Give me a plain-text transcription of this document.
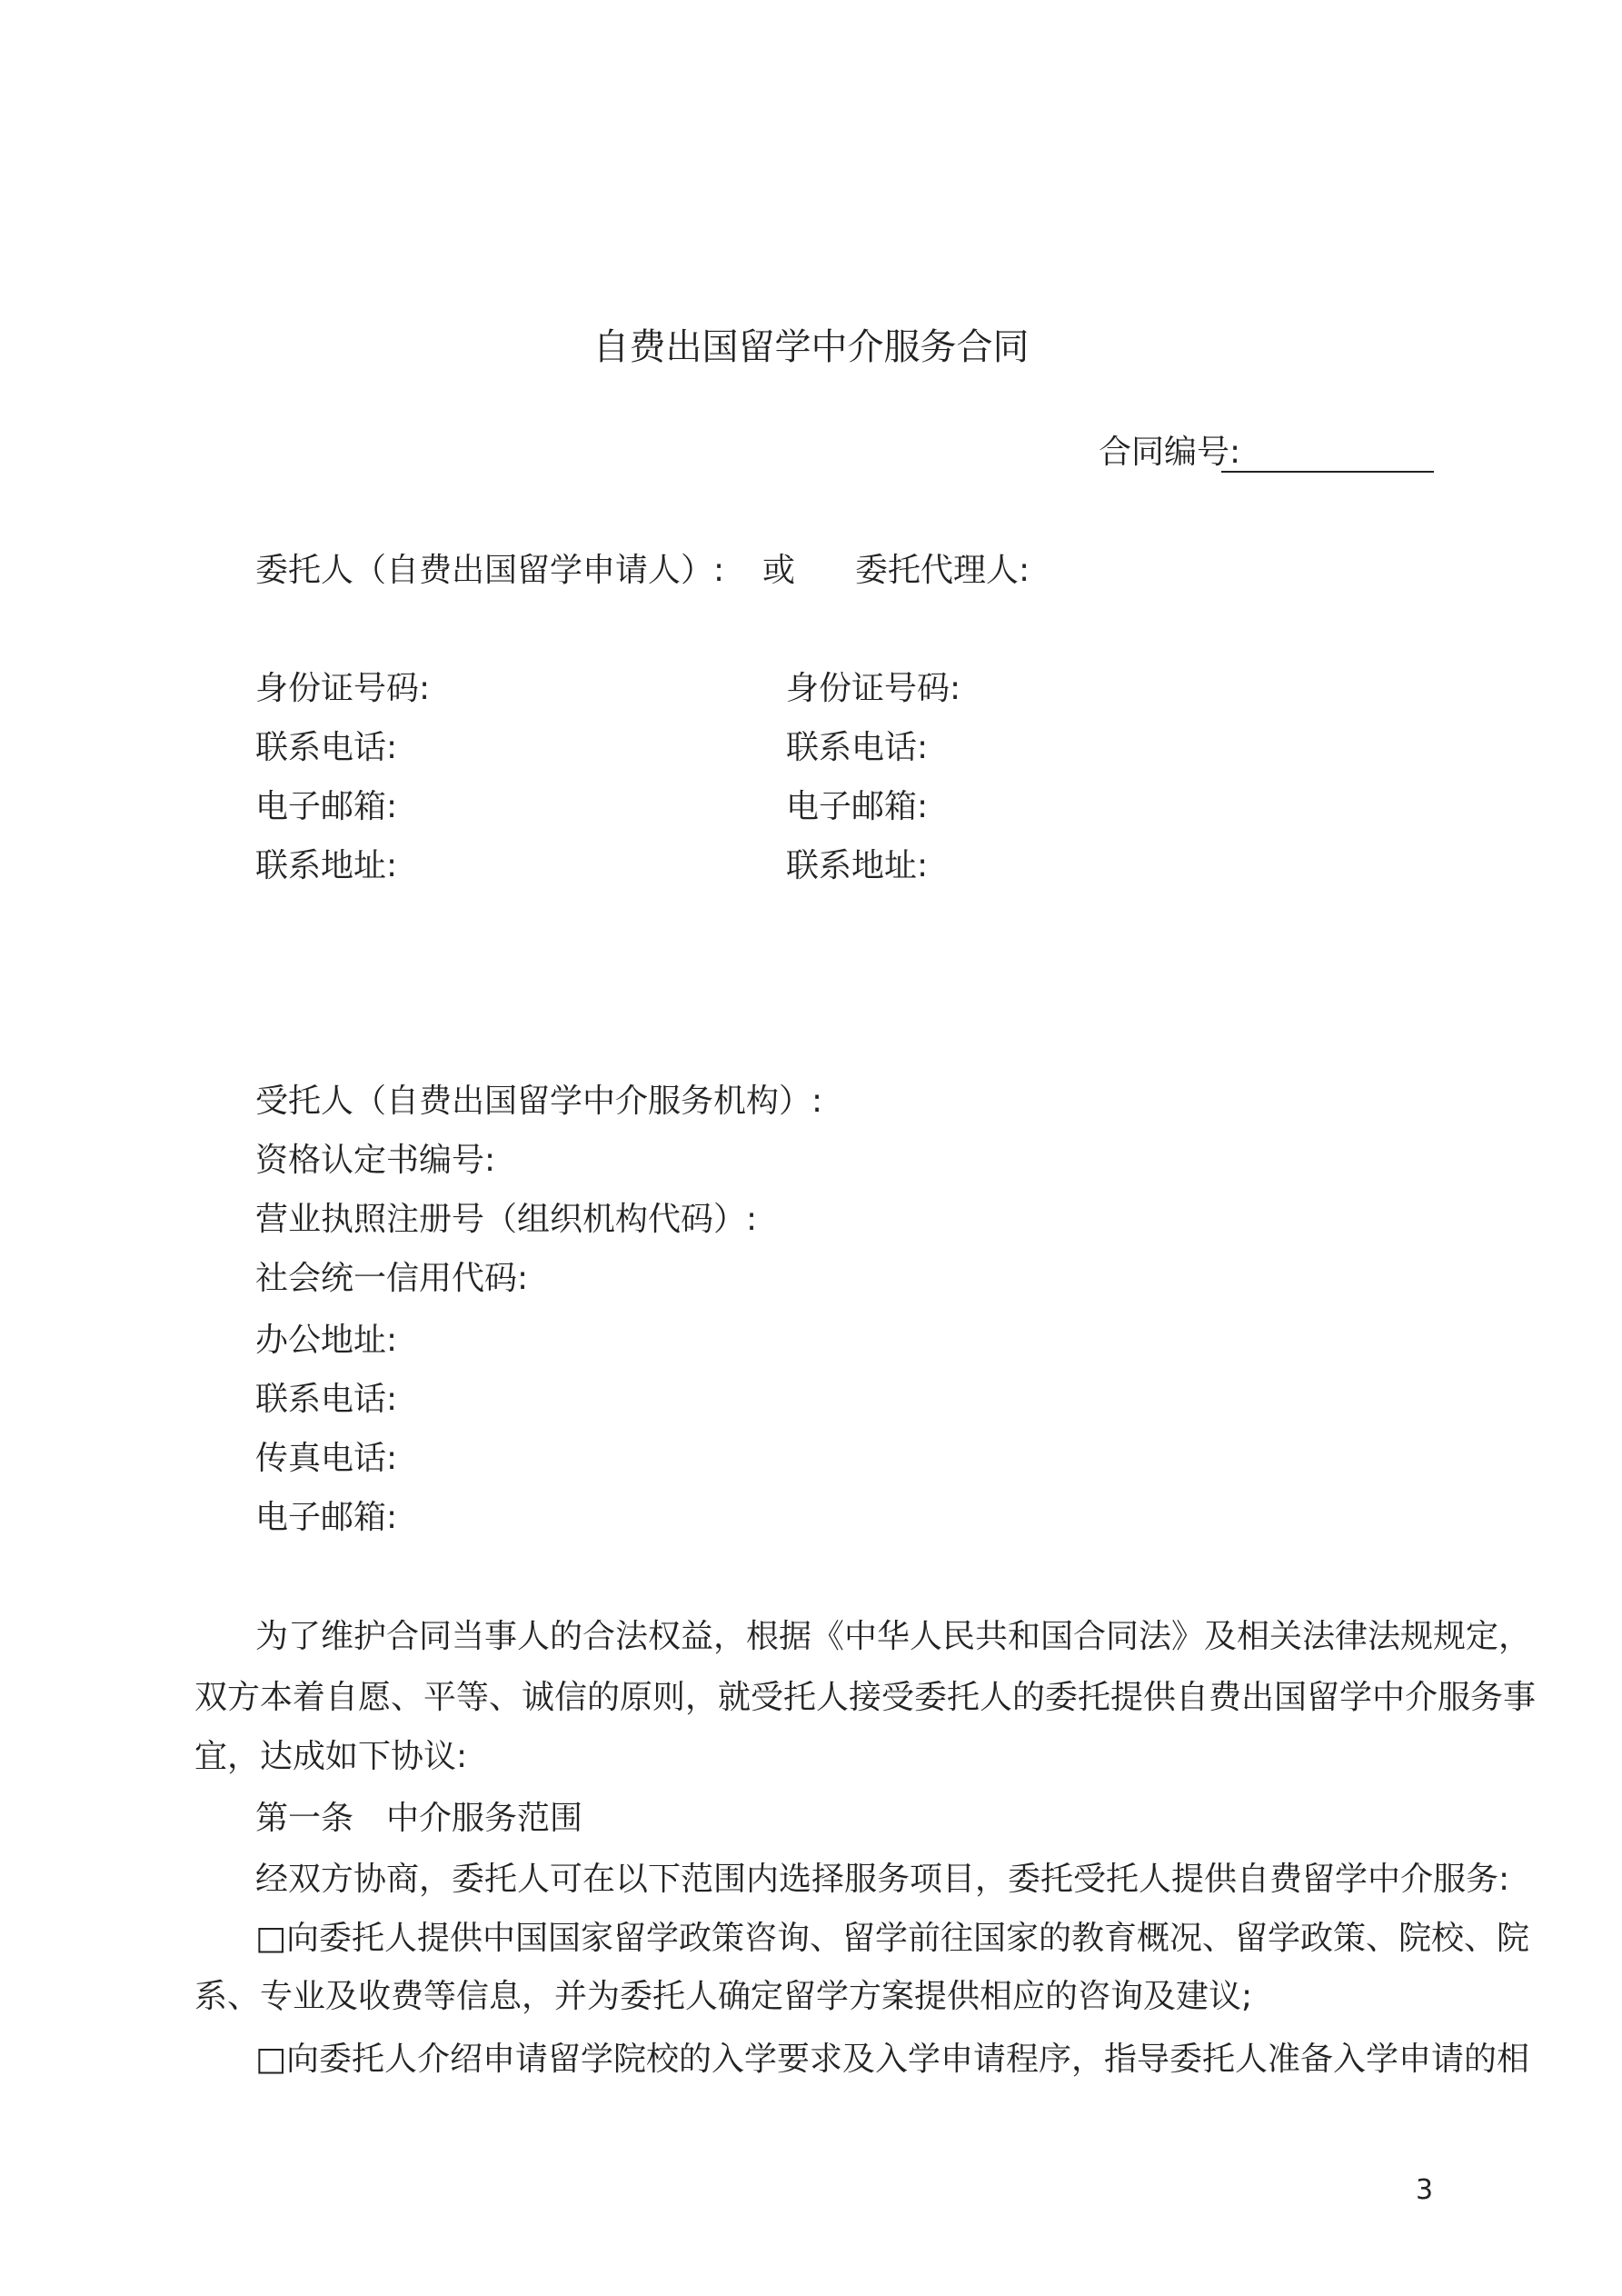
自费出国留学中介服务合同
合同编号:
委托人（自费出国留学申请人）: 或 委托代理人:
身份证号码:
联系电话:
电子邮箱:
联系地址:
身份证号码:
联系电话:
电子邮箱:
联系地址:
受托人（自费出国留学中介服务机构）:
资格认定书编号:
营业执照注册号（组织机构代码）:
社会统一信用代码:
办公地址:
联系电话:
传真电话:
电子邮箱:
为了维护合同当事人的合法权益，根据《中华人民共和国合同法》及相关法律法规规定，
双方本着自愿、平等、诚信的原则，就受托人接受委托人的委托提供自费出国留学中介服务事
宜，达成如下协议:
第一条　中介服务范围
经双方协商，委托人可在以下范围内选择服务项目，委托受托人提供自费留学中介服务:
□向委托人提供中国国家留学政策咨询、留学前往国家的教育概况、留学政策、院校、院
系、专业及收费等信息，并为委托人确定留学方案提供相应的咨询及建议;
□向委托人介绍申请留学院校的入学要求及入学申请程序，指导委托人准备入学申请的相
3
